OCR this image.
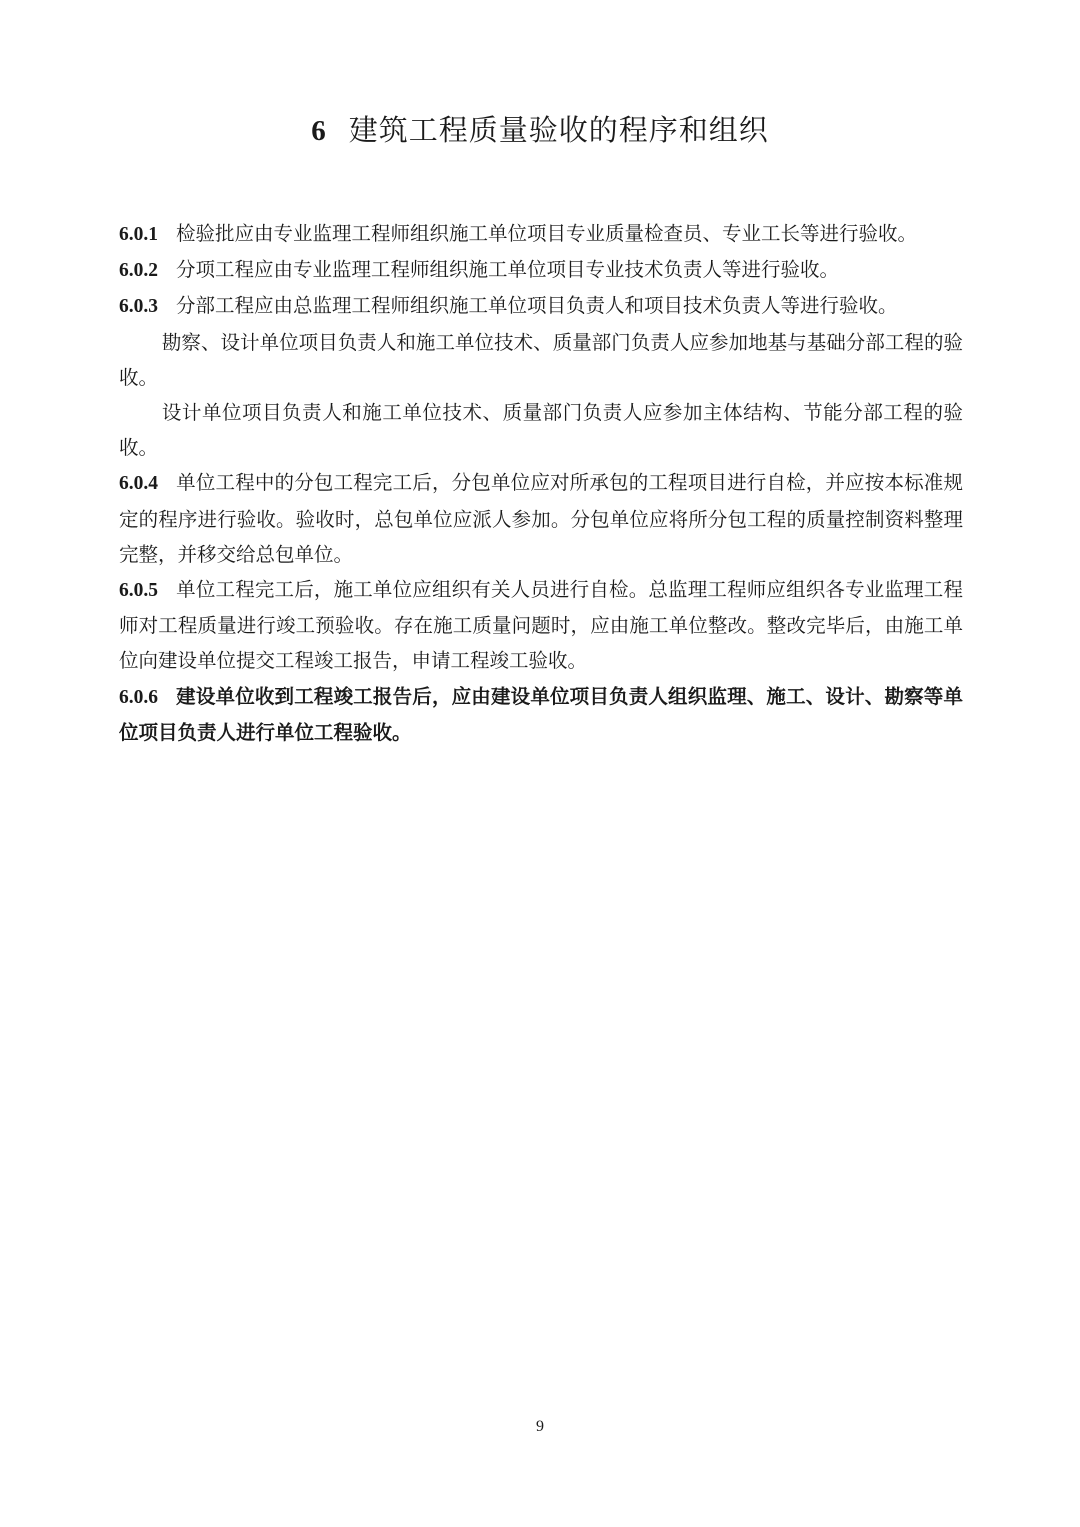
6 建筑工程质量验收的程序和组织

6.0.1 检验批应由专业监理工程师组织施工单位项目专业质量检查员、专业工长等进行验收。

6.0.2 分项工程应由专业监理工程师组织施工单位项目专业技术负责人等进行验收。

6.0.3 分部工程应由总监理工程师组织施工单位项目负责人和项目技术负责人等进行验收。

勘察、设计单位项目负责人和施工单位技术、质量部门负责人应参加地基与基础分部工程的验收。

设计单位项目负责人和施工单位技术、质量部门负责人应参加主体结构、节能分部工程的验收。

6.0.4 单位工程中的分包工程完工后，分包单位应对所承包的工程项目进行自检，并应按本标准规定的程序进行验收。验收时，总包单位应派人参加。分包单位应将所分包工程的质量控制资料整理完整，并移交给总包单位。

6.0.5 单位工程完工后，施工单位应组织有关人员进行自检。总监理工程师应组织各专业监理工程师对工程质量进行竣工预验收。存在施工质量问题时，应由施工单位整改。整改完毕后，由施工单位向建设单位提交工程竣工报告，申请工程竣工验收。

6.0.6 建设单位收到工程竣工报告后，应由建设单位项目负责人组织监理、施工、设计、勘察等单位项目负责人进行单位工程验收。

9
